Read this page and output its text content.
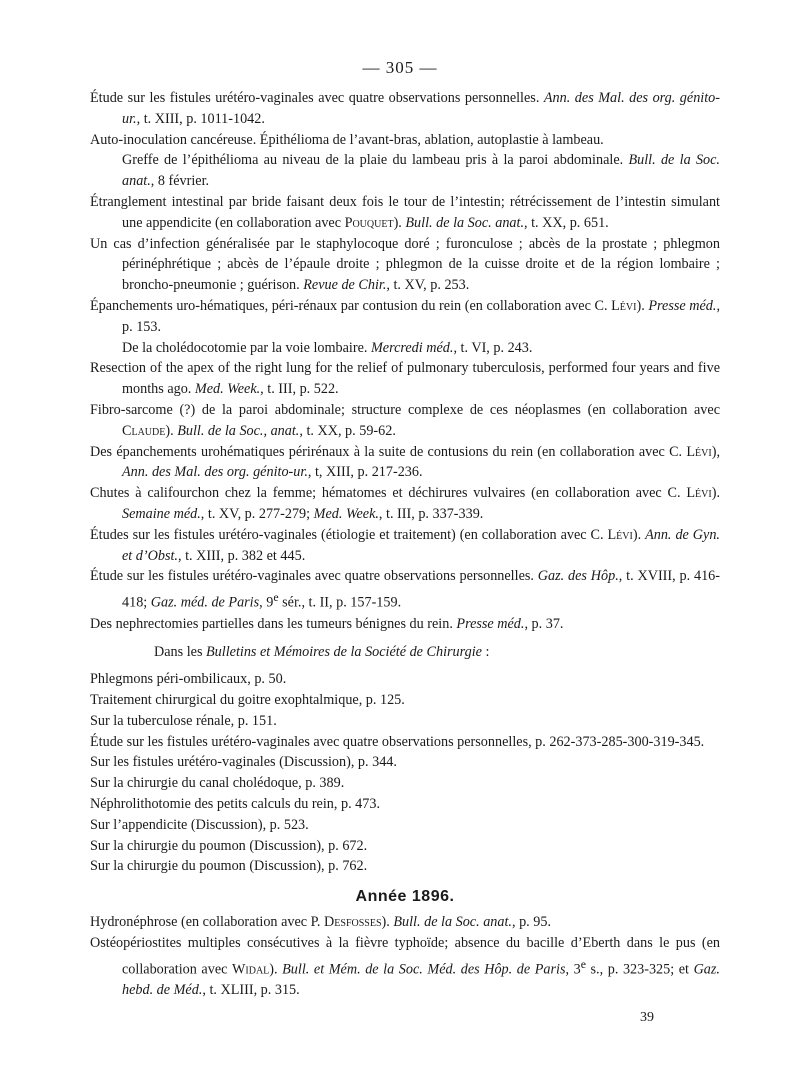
— 305 —
Étude sur les fistules urétéro-vaginales avec quatre observations personnelles. Ann. des Mal. des org. génito-ur., t. XIII, p. 1011-1042.
Auto-inoculation cancéreuse. Épithélioma de l’avant-bras, ablation, autoplastie à lambeau.
Greffe de l’épithélioma au niveau de la plaie du lambeau pris à la paroi abdominale. Bull. de la Soc. anat., 8 février.
Étranglement intestinal par bride faisant deux fois le tour de l’intestin; rétrécissement de l’intestin simulant une appendicite (en collaboration avec Pouquet). Bull. de la Soc. anat., t. XX, p. 651.
Un cas d’infection généralisée par le staphylocoque doré ; furonculose ; abcès de la prostate ; phlegmon périnéphrétique ; abcès de l’épaule droite ; phlegmon de la cuisse droite et de la région lombaire ; broncho-pneumonie ; guérison. Revue de Chir., t. XV, p. 253.
Épanchements uro-hématiques, péri-rénaux par contusion du rein (en collaboration avec C. Lévi). Presse méd., p. 153.
De la cholédocotomie par la voie lombaire. Mercredi méd., t. VI, p. 243.
Resection of the apex of the right lung for the relief of pulmonary tuberculosis, performed four years and five months ago. Med. Week., t. III, p. 522.
Fibro-sarcome (?) de la paroi abdominale; structure complexe de ces néoplasmes (en collaboration avec Claude). Bull. de la Soc., anat., t. XX, p. 59-62.
Des épanchements urohématiques périrénaux à la suite de contusions du rein (en collaboration avec C. Lévi), Ann. des Mal. des org. génito-ur., t, XIII, p. 217-236.
Chutes à califourchon chez la femme; hématomes et déchirures vulvaires (en collaboration avec C. Lévi). Semaine méd., t. XV, p. 277-279; Med. Week., t. III, p. 337-339.
Études sur les fistules urétéro-vaginales (étiologie et traitement) (en collaboration avec C. Lévi). Ann. de Gyn. et d’Obst., t. XIII, p. 382 et 445.
Étude sur les fistules urétéro-vaginales avec quatre observations personnelles. Gaz. des Hôp., t. XVIII, p. 416-418; Gaz. méd. de Paris, 9e sér., t. II, p. 157-159.
Des nephrectomies partielles dans les tumeurs bénignes du rein. Presse méd., p. 37.
Dans les Bulletins et Mémoires de la Société de Chirurgie :
Phlegmons péri-ombilicaux, p. 50.
Traitement chirurgical du goitre exophtalmique, p. 125.
Sur la tuberculose rénale, p. 151.
Étude sur les fistules urétéro-vaginales avec quatre observations personnelles, p. 262-373-285-300-319-345.
Sur les fistules urétéro-vaginales (Discussion), p. 344.
Sur la chirurgie du canal cholédoque, p. 389.
Néphrolithotomie des petits calculs du rein, p. 473.
Sur l’appendicite (Discussion), p. 523.
Sur la chirurgie du poumon (Discussion), p. 672.
Sur la chirurgie du poumon (Discussion), p. 762.
Année 1896.
Hydronéphrose (en collaboration avec P. Desfosses). Bull. de la Soc. anat., p. 95.
Ostéopériostites multiples consécutives à la fièvre typhoïde; absence du bacille d’Eberth dans le pus (en collaboration avec Widal). Bull. et Mém. de la Soc. Méd. des Hôp. de Paris, 3e s., p. 323-325; et Gaz. hebd. de Méd., t. XLIII, p. 315.
39
